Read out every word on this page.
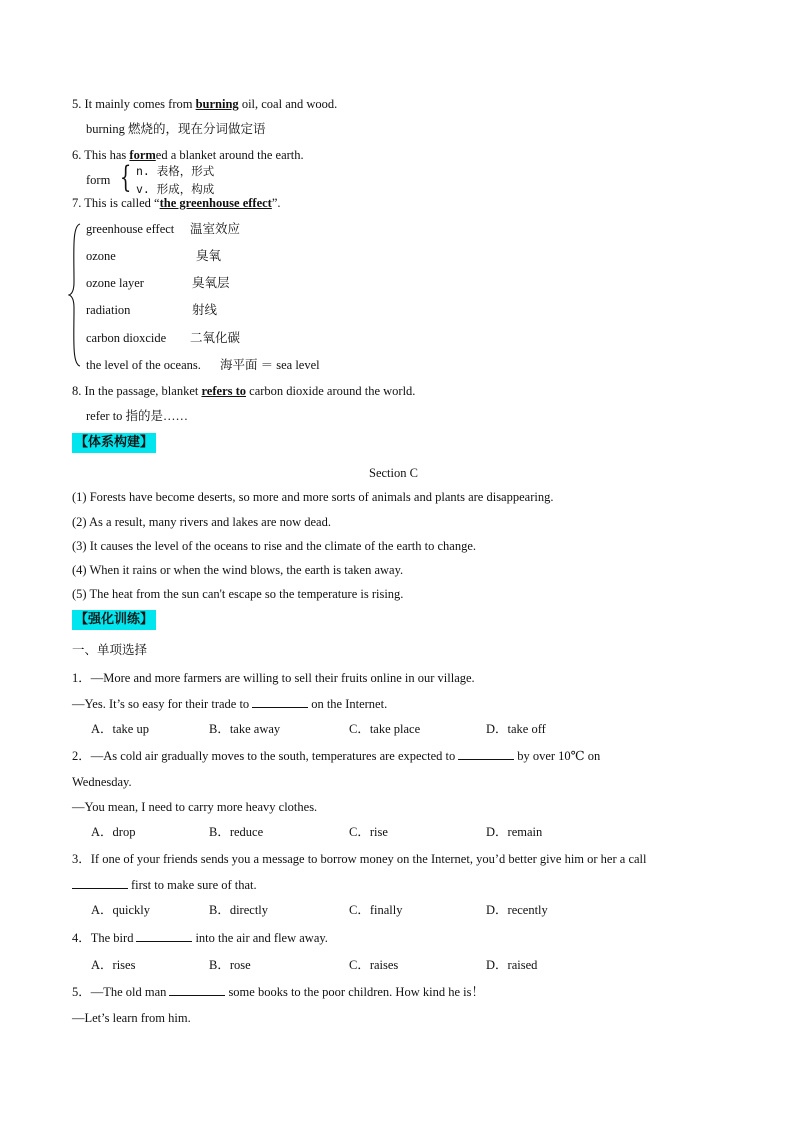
5. It mainly comes from burning oil, coal and wood.
burning 燃烧的，现在分词做定语
6. This has formed a blanket around the earth.
form { n. 表格，形式
v. 形成，构成
7. This is called “the greenhouse effect”.
greenhouse effect 温室效应
ozone	臭氧
ozone layer	臭氧层
radiation	射线
carbon dioxcide 二氧化碳
the level of the oceans. 海平面 ＝ sea level
8. In the passage, blanket refers to carbon dioxide around the world.
refer to 指的是……
【体系构建】
Section C
(1) Forests have become deserts, so more and more sorts of animals and plants are disappearing.
(2) As a result, many rivers and lakes are now dead.
(3) It causes the level of the oceans to rise and the climate of the earth to change.
(4) When it rains or when the wind blows, the earth is taken away.
(5) The heat from the sun can't escape so the temperature is rising.
【强化训练】
一、单项选择
1．—More and more farmers are willing to sell their fruits online in our village.
—Yes. It’s so easy for their trade to	on the Internet.
A．take up	B．take away	C．take place	D．take off
2．—As cold air gradually moves to the south, temperatures are expected to	by over 10℃ on
Wednesday.
—You mean, I need to carry more heavy clothes.
A．drop	B．reduce	C．rise	D．remain
3．If one of your friends sends you a message to borrow money on the Internet, you’d better give him or her a call
first to make sure of that.
A．quickly	B．directly	C．finally	D．recently
4．The bird	into the air and flew away.
A．rises	B．rose	C．raises	D．raised
5．—The old man	some books to the poor children. How kind he is！
—Let’s learn from him.
